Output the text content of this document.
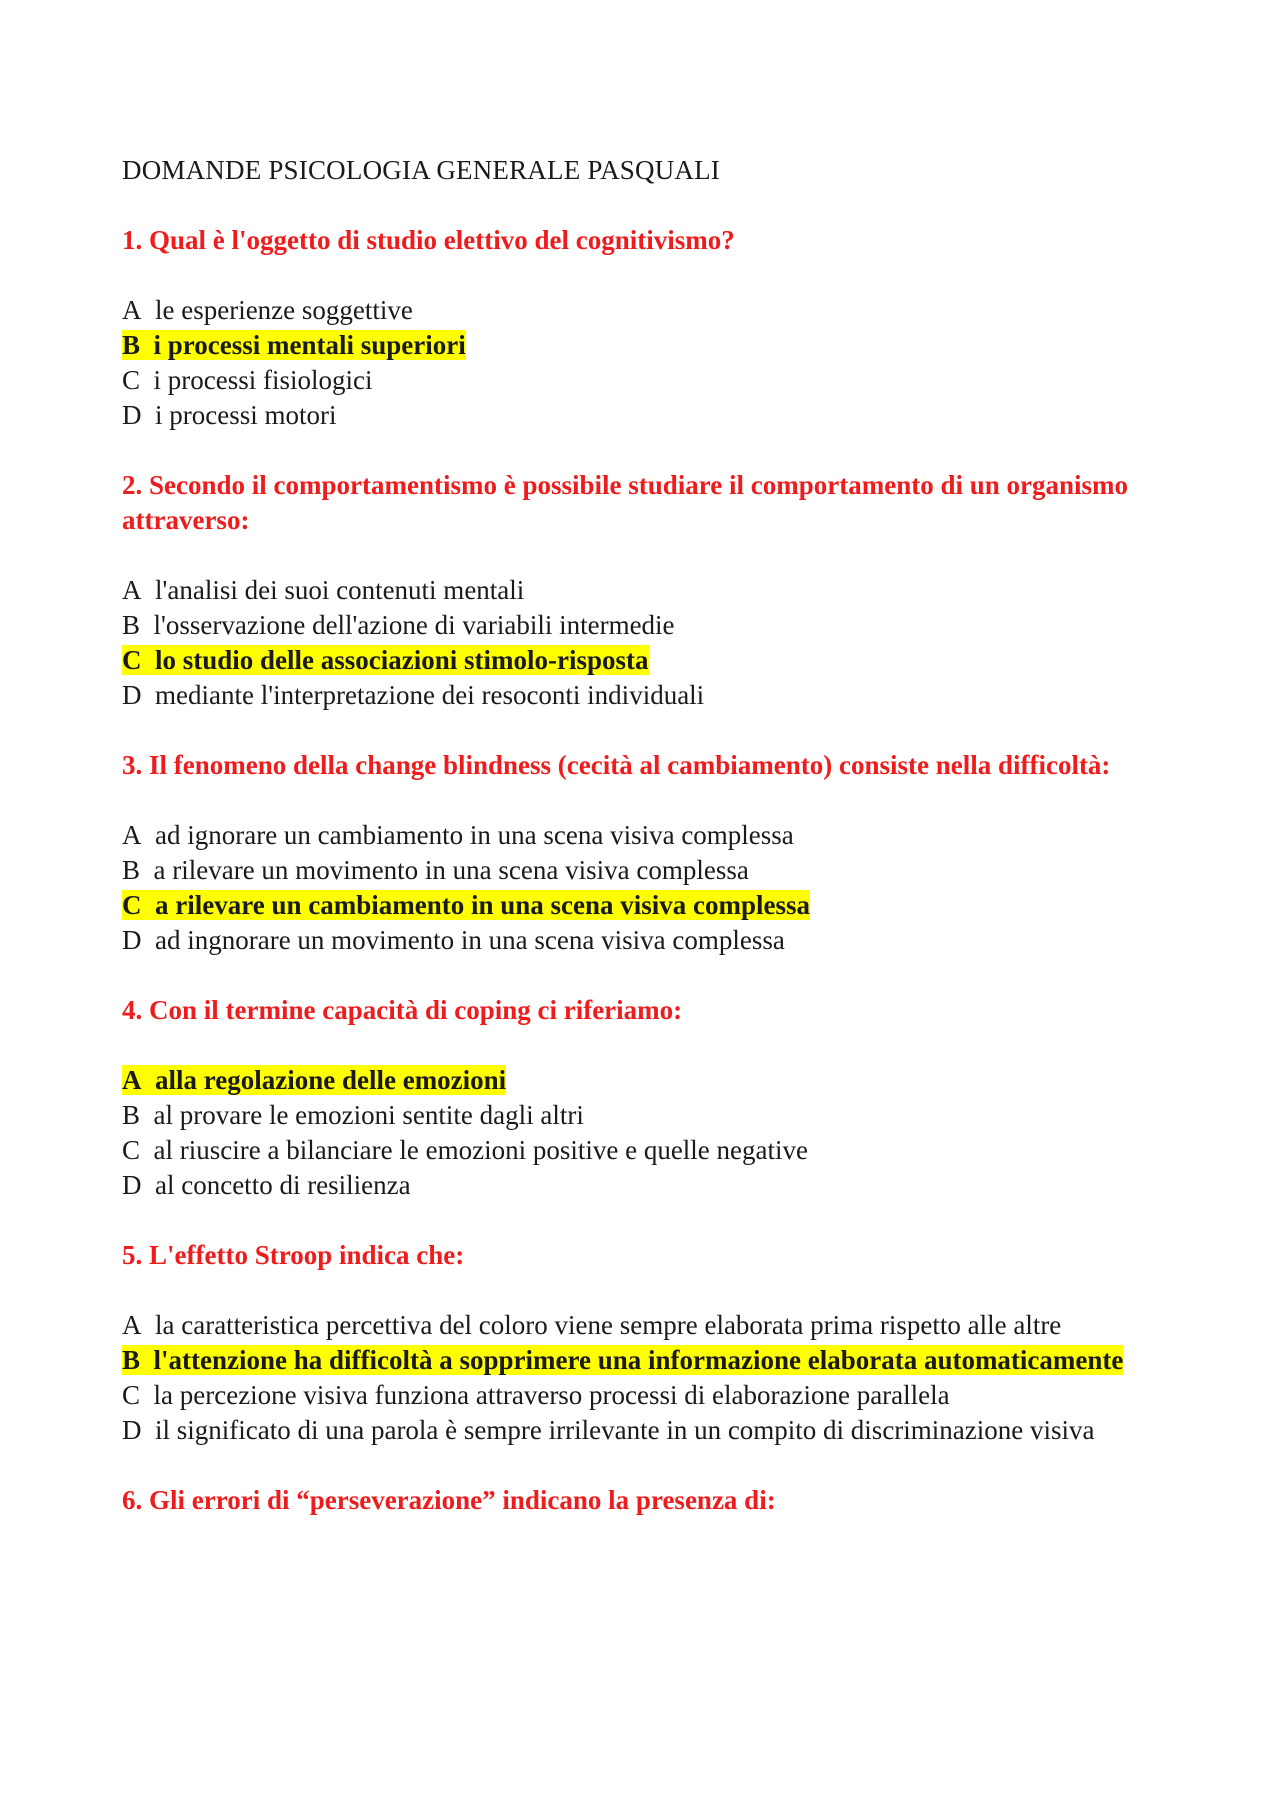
DOMANDE PSICOLOGIA GENERALE PASQUALI

1. Qual è l'oggetto di studio elettivo del cognitivismo?

A le esperienze soggettive

B i processi mentali superiori

C i processi fisiologici

D i processi motori

2. Secondo il comportamentismo è possibile studiare il comportamento di un organismo attraverso:

A l'analisi dei suoi contenuti mentali

B l'osservazione dell'azione di variabili intermedie

C lo studio delle associazioni stimolo-risposta

D mediante l'interpretazione dei resoconti individuali

3. Il fenomeno della change blindness (cecità al cambiamento) consiste nella difficoltà:

A ad ignorare un cambiamento in una scena visiva complessa

B a rilevare un movimento in una scena visiva complessa

C a rilevare un cambiamento in una scena visiva complessa

D ad ingnorare un movimento in una scena visiva complessa

4. Con il termine capacità di coping ci riferiamo:

A alla regolazione delle emozioni

B al provare le emozioni sentite dagli altri

C al riuscire a bilanciare le emozioni positive e quelle negative

D al concetto di resilienza

5. L'effetto Stroop indica che:

A la caratteristica percettiva del coloro viene sempre elaborata prima rispetto alle altre

B l'attenzione ha difficoltà a sopprimere una informazione elaborata automaticamente

C la percezione visiva funziona attraverso processi di elaborazione parallela

D il significato di una parola è sempre irrilevante in un compito di discriminazione visiva

6. Gli errori di “perseverazione” indicano la presenza di:
